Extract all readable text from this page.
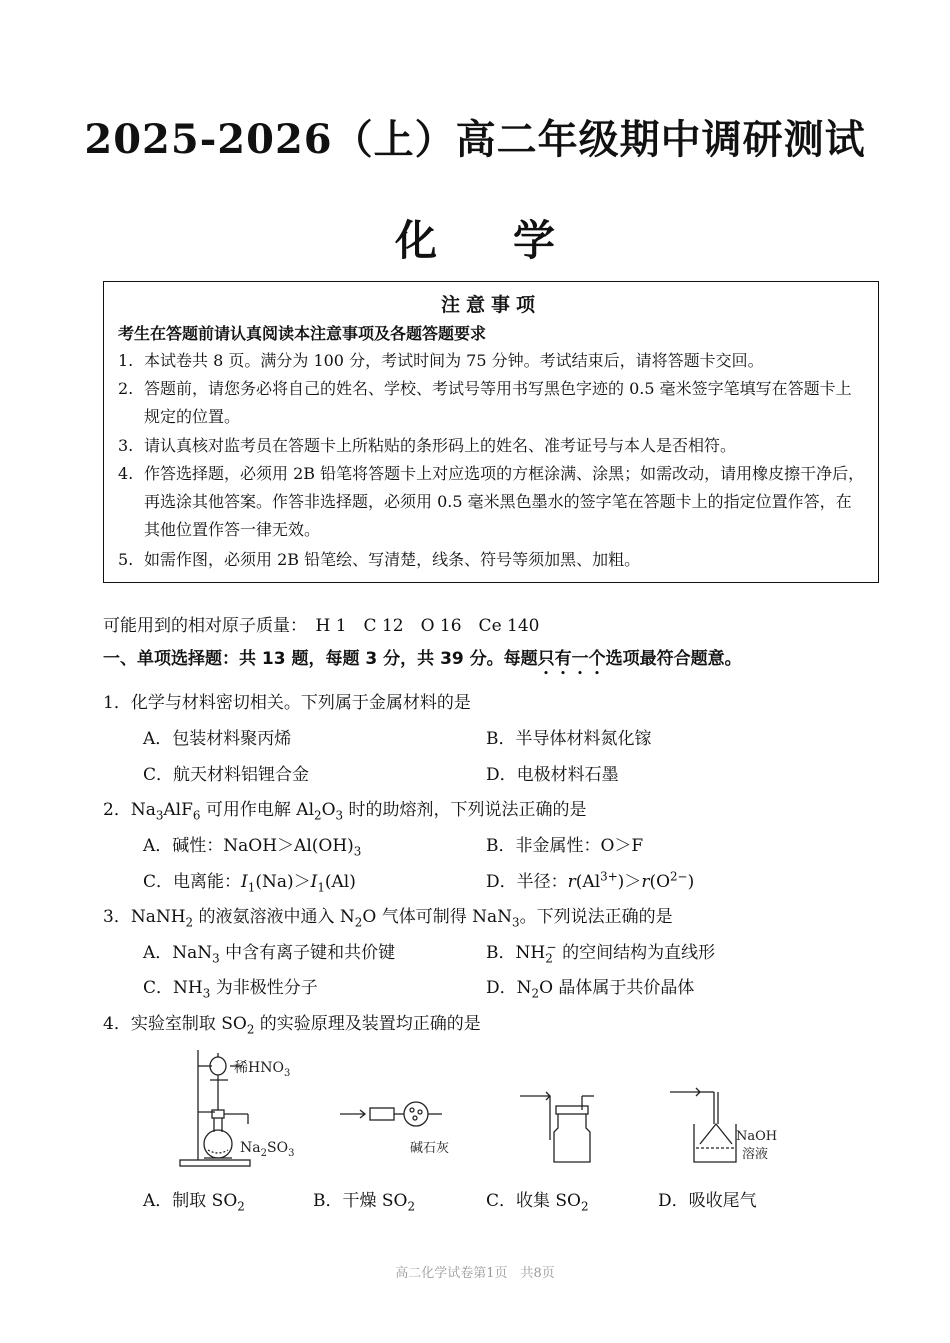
2025-2026（上）高二年级期中调研测试
化 学
注意事项
考生在答题前请认真阅读本注意事项及各题答题要求
1. 本试卷共 8 页。满分为 100 分，考试时间为 75 分钟。考试结束后，请将答题卡交回。
2. 答题前，请您务必将自己的姓名、学校、考试号等用书写黑色字迹的 0.5 毫米签字笔填写在答题卡上规定的位置。
3. 请认真核对监考员在答题卡上所粘贴的条形码上的姓名、准考证号与本人是否相符。
4. 作答选择题，必须用 2B 铅笔将答题卡上对应选项的方框涂满、涂黑；如需改动，请用橡皮擦干净后，再选涂其他答案。作答非选择题，必须用 0.5 毫米黑色墨水的签字笔在答题卡上的指定位置作答，在其他位置作答一律无效。
5. 如需作图，必须用 2B 铅笔绘、写清楚，线条、符号等须加黑、加粗。
可能用到的相对原子质量：　H 1　C 12　O 16　Ce 140
一、单项选择题：共 13 题，每题 3 分，共 39 分。每题只有一个选项最符合题意。
1．化学与材料密切相关。下列属于金属材料的是
A．包装材料聚丙烯	B．半导体材料氮化镓
C．航天材料铝锂合金	D．电极材料石墨
2．$Na_3AlF_6$ 可用作电解 $Al_2O_3$ 时的助熔剂，下列说法正确的是
A．碱性：$NaOH>Al(OH)_3$	B．非金属性：O＞F
C．电离能：$I_1(Na)>I_1(Al)$	D．半径：$r(Al^{3+})>r(O^{2-})$
3．NaNH$_2$ 的液氨溶液中通入 $N_2O$ 气体可制得 NaN$_3$。下列说法正确的是
A．NaN$_3$ 中含有离子键和共价键	B．$NH_2^-$ 的空间结构为直线形
C．$NH_3$ 为非极性分子	D．$N_2O$ 晶体属于共价晶体
4．实验室制取 $SO_2$ 的实验原理及装置均正确的是
稀$HNO_3$
$Na_2SO_3$	碱石灰
NaOH
溶液
A．制取 $SO_2$	B．干燥 $SO_2$	C．收集 $SO_2$	D．吸收尾气
高二化学试卷第1页　共8页
